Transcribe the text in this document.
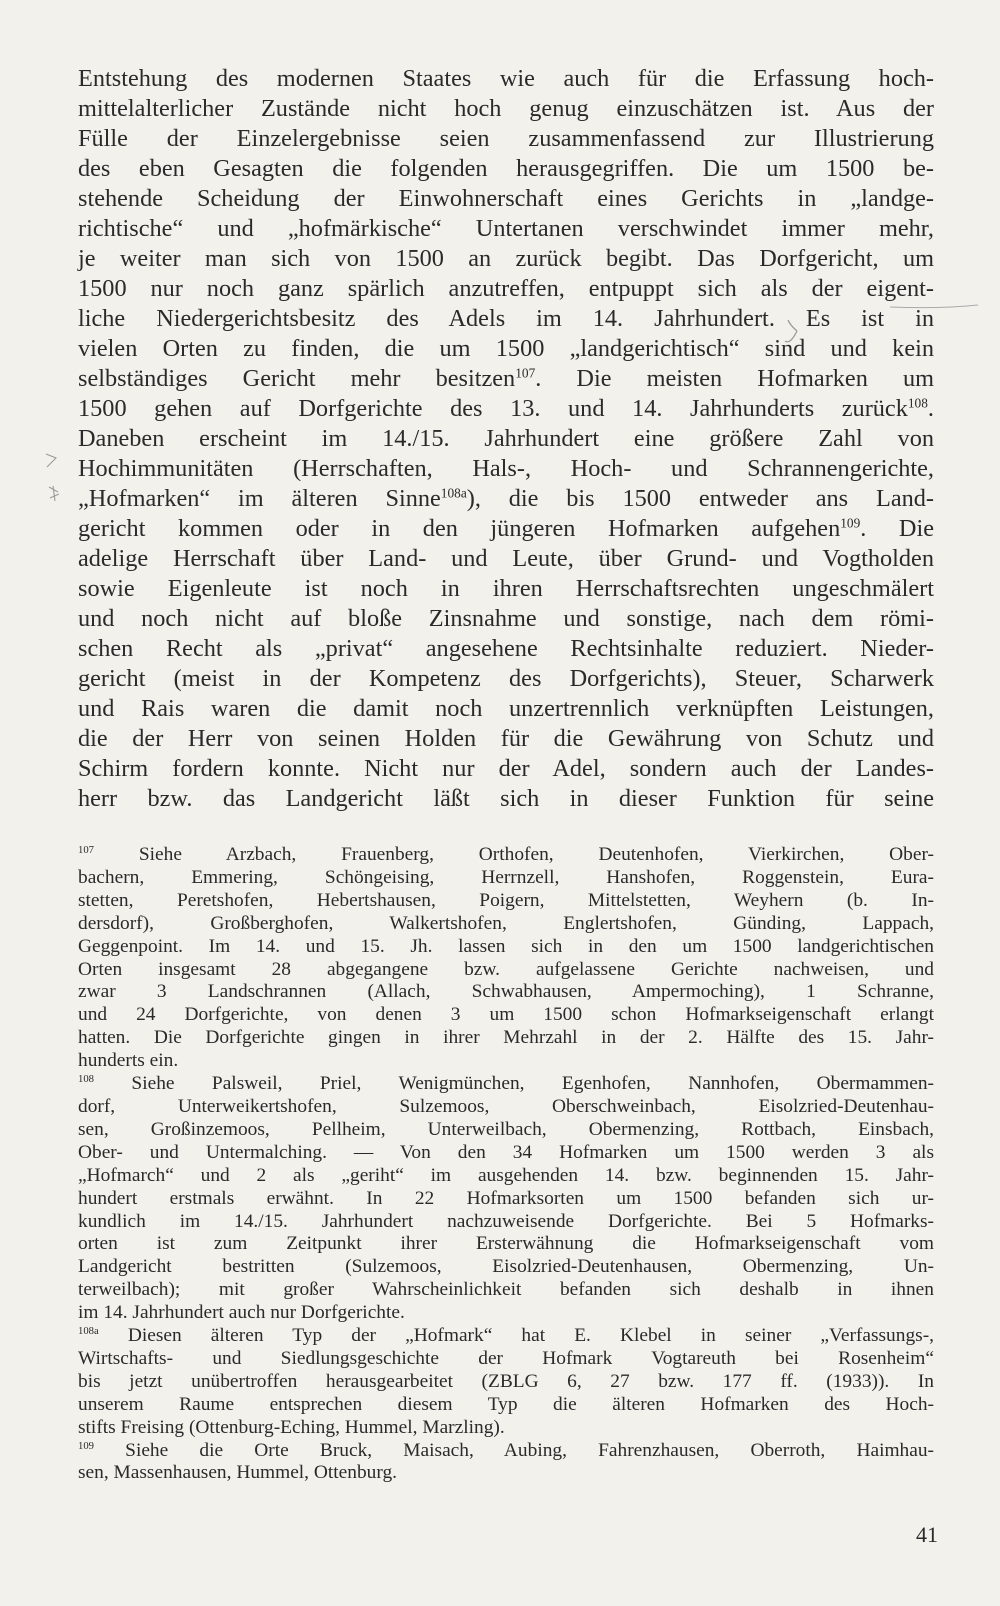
Entstehung des modernen Staates wie auch für die Erfassung hoch-
mittelalterlicher Zustände nicht hoch genug einzuschätzen ist. Aus der
Fülle der Einzelergebnisse seien zusammenfassend zur Illustrierung
des eben Gesagten die folgenden herausgegriffen. Die um 1500 be-
stehende Scheidung der Einwohnerschaft eines Gerichts in „landge-
richtische“ und „hofmärkische“ Untertanen verschwindet immer mehr,
je weiter man sich von 1500 an zurück begibt. Das Dorfgericht, um
1500 nur noch ganz spärlich anzutreffen, entpuppt sich als der eigent-
liche Niedergerichtsbesitz des Adels im 14. Jahrhundert. Es ist in
vielen Orten zu finden, die um 1500 „landgerichtisch“ sind und kein
selbständiges Gericht mehr besitzen$^{107}$. Die meisten Hofmarken um
1500 gehen auf Dorfgerichte des 13. und 14. Jahrhunderts zurück$^{108}$.
Daneben erscheint im 14./15. Jahrhundert eine größere Zahl von
Hochimmunitäten (Herrschaften, Hals-, Hoch- und Schrannengerichte,
„Hofmarken“ im älteren Sinne$^{108a}$), die bis 1500 entweder ans Land-
gericht kommen oder in den jüngeren Hofmarken aufgehen$^{109}$. Die
adelige Herrschaft über Land- und Leute, über Grund- und Vogtholden
sowie Eigenleute ist noch in ihren Herrschaftsrechten ungeschmälert
und noch nicht auf bloße Zinsnahme und sonstige, nach dem römi-
schen Recht als „privat“ angesehene Rechtsinhalte reduziert. Nieder-
gericht (meist in der Kompetenz des Dorfgerichts), Steuer, Scharwerk
und Rais waren die damit noch unzertrennlich verknüpften Leistungen,
die der Herr von seinen Holden für die Gewährung von Schutz und
Schirm fordern konnte. Nicht nur der Adel, sondern auch der Landes-
herr bzw. das Landgericht läßt sich in dieser Funktion für seine
$^{107}$ Siehe Arzbach, Frauenberg, Orthofen, Deutenhofen, Vierkirchen, Ober-
bachern, Emmering, Schöngeising, Herrnzell, Hanshofen, Roggenstein, Eura-
stetten, Peretshofen, Hebertshausen, Poigern, Mittelstetten, Weyhern (b. In-
dersdorf), Großberghofen, Walkertshofen, Englertshofen, Günding, Lappach,
Geggenpoint. Im 14. und 15. Jh. lassen sich in den um 1500 landgerichtischen
Orten insgesamt 28 abgegangene bzw. aufgelassene Gerichte nachweisen, und
zwar 3 Landschrannen (Allach, Schwabhausen, Ampermoching), 1 Schranne,
und 24 Dorfgerichte, von denen 3 um 1500 schon Hofmarkseigenschaft erlangt
hatten. Die Dorfgerichte gingen in ihrer Mehrzahl in der 2. Hälfte des 15. Jahr-
hunderts ein.
$^{108}$ Siehe Palsweil, Priel, Wenigmünchen, Egenhofen, Nannhofen, Obermammen-
dorf, Unterweikertshofen, Sulzemoos, Oberschweinbach, Eisolzried-Deutenhau-
sen, Großinzemoos, Pellheim, Unterweilbach, Obermenzing, Rottbach, Einsbach,
Ober- und Untermalching. — Von den 34 Hofmarken um 1500 werden 3 als
„Hofmarch“ und 2 als „geriht“ im ausgehenden 14. bzw. beginnenden 15. Jahr-
hundert erstmals erwähnt. In 22 Hofmarksorten um 1500 befanden sich ur-
kundlich im 14./15. Jahrhundert nachzuweisende Dorfgerichte. Bei 5 Hofmarks-
orten ist zum Zeitpunkt ihrer Ersterwähnung die Hofmarkseigenschaft vom
Landgericht bestritten (Sulzemoos, Eisolzried-Deutenhausen, Obermenzing, Un-
terweilbach); mit großer Wahrscheinlichkeit befanden sich deshalb in ihnen
im 14. Jahrhundert auch nur Dorfgerichte.
$^{108a}$ Diesen älteren Typ der „Hofmark“ hat E. Klebel in seiner „Verfassungs-,
Wirtschafts- und Siedlungsgeschichte der Hofmark Vogtareuth bei Rosenheim“
bis jetzt unübertroffen herausgearbeitet (ZBLG 6, 27 bzw. 177 ff. (1933)). In
unserem Raume entsprechen diesem Typ die älteren Hofmarken des Hoch-
stifts Freising (Ottenburg-Eching, Hummel, Marzling).
$^{109}$ Siehe die Orte Bruck, Maisach, Aubing, Fahrenzhausen, Oberroth, Haimhau-
sen, Massenhausen, Hummel, Ottenburg.
41
